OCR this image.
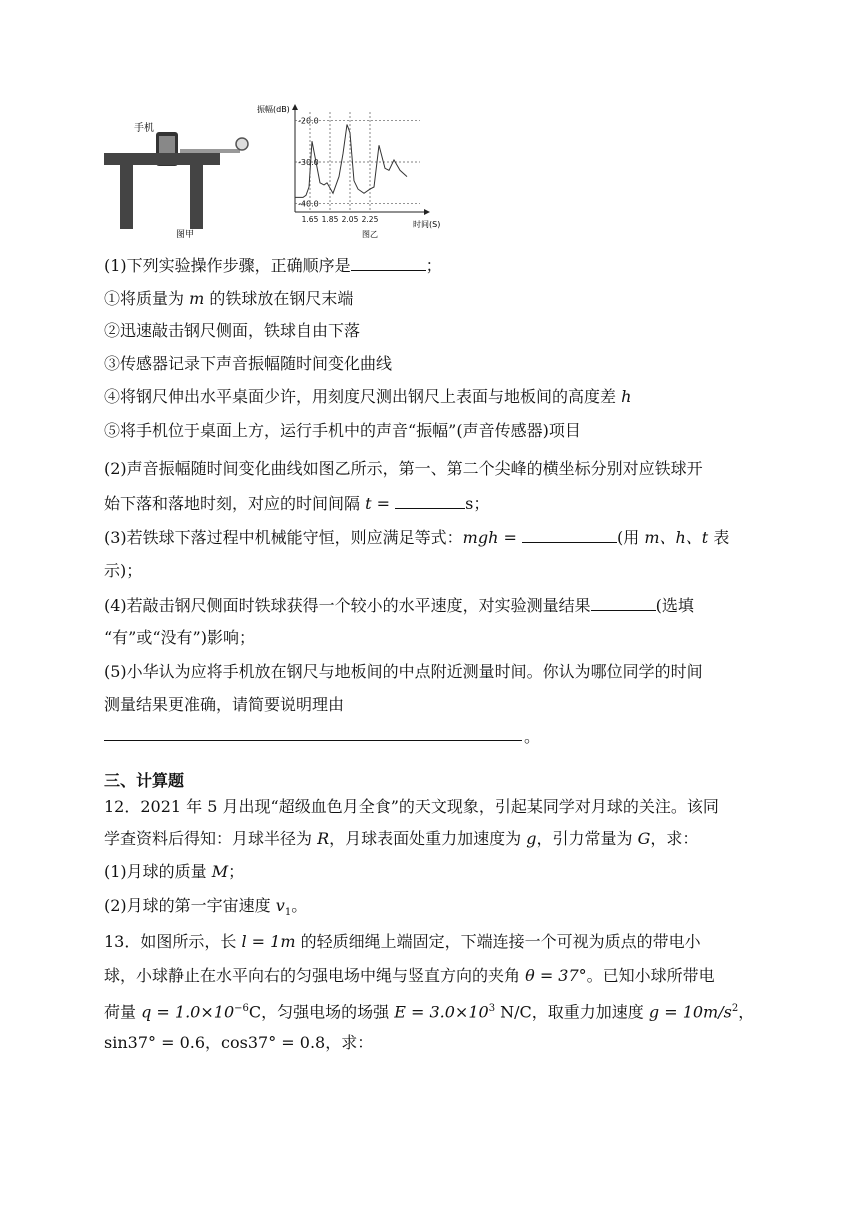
手机
图甲
振幅(dB)
时间(S)
图乙
-20.0
-30.0
-40.0
1.65 1.85 2.05 2.25
(1)下列实验操作步骤，正确顺序是	；
①将质量为 m 的铁球放在钢尺末端
②迅速敲击钢尺侧面，铁球自由下落
③传感器记录下声音振幅随时间变化曲线
④将钢尺伸出水平桌面少许，用刻度尺测出钢尺上表面与地板间的高度差 h
⑤将手机位于桌面上方，运行手机中的声音“振幅”(声音传感器)项目
(2)声音振幅随时间变化曲线如图乙所示，第一、第二个尖峰的横坐标分别对应铁球开
始下落和落地时刻，对应的时间间隔 t =	s；
(3)若铁球下落过程中机械能守恒，则应满足等式：mgh =	(用 m、h、t 表
示)；
(4)若敲击钢尺侧面时铁球获得一个较小的水平速度，对实验测量结果	(选填
“有”或“没有”)影响；
(5)小华认为应将手机放在钢尺与地板间的中点附近测量时间。你认为哪位同学的时间
测量结果更准确，请简要说明理由
。
三、计算题
12．2021 年 5 月出现“超级血色月全食”的天文现象，引起某同学对月球的关注。该同
学查资料后得知：月球半径为 R，月球表面处重力加速度为 g，引力常量为 G，求：
(1)月球的质量 M；
(2)月球的第一宇宙速度 $v_1$。
13．如图所示，长 l = 1m 的轻质细绳上端固定，下端连接一个可视为质点的带电小
球，小球静止在水平向右的匀强电场中绳与竖直方向的夹角 θ = 37°。已知小球所带电
荷量 $q = 1.0\times 10^{-6}C$，匀强电场的场强 $E = 3.0\times 10^3$ N/C，取重力加速度 $g = 10m/s^2$，
sin37° = 0.6，cos37° = 0.8，求：
